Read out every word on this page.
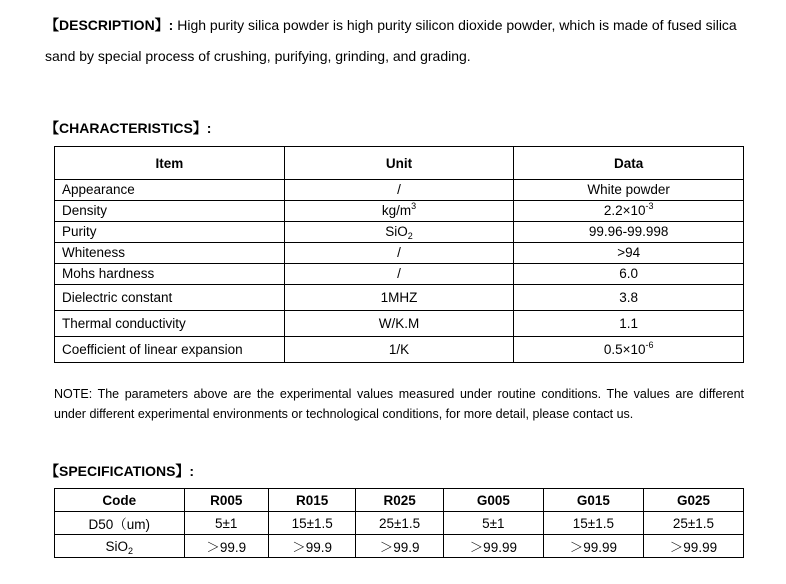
【DESCRIPTION】: High purity silica powder is high purity silicon dioxide powder, which is made of fused silica sand by special process of crushing, purifying, grinding, and grading.
【CHARACTERISTICS】:
Item	Unit	Data
Appearance	/	White powder
Density	$kg/m^3$	$2.2\times 10^{-3}$
Purity	SiO$_2$	99.96-99.998
Whiteness	/	>94
Mohs hardness	/	6.0
Dielectric constant	1MHZ	3.8
Thermal conductivity	W/K.M	1.1
Coefficient of linear expansion	1/K	$0.5\times 10^{-6}$
NOTE: The parameters above are the experimental values measured under routine conditions. The values are different under different experimental environments or technological conditions, for more detail, please contact us.
【SPECIFICATIONS】:
Code	R005	R015	R025	G005	G015	G025
D50（um)	5±1	15±1.5	25±1.5	5±1	15±1.5	25±1.5
SiO$_2$	＞99.9	＞99.9	＞99.9	＞99.99	＞99.99	＞99.99
